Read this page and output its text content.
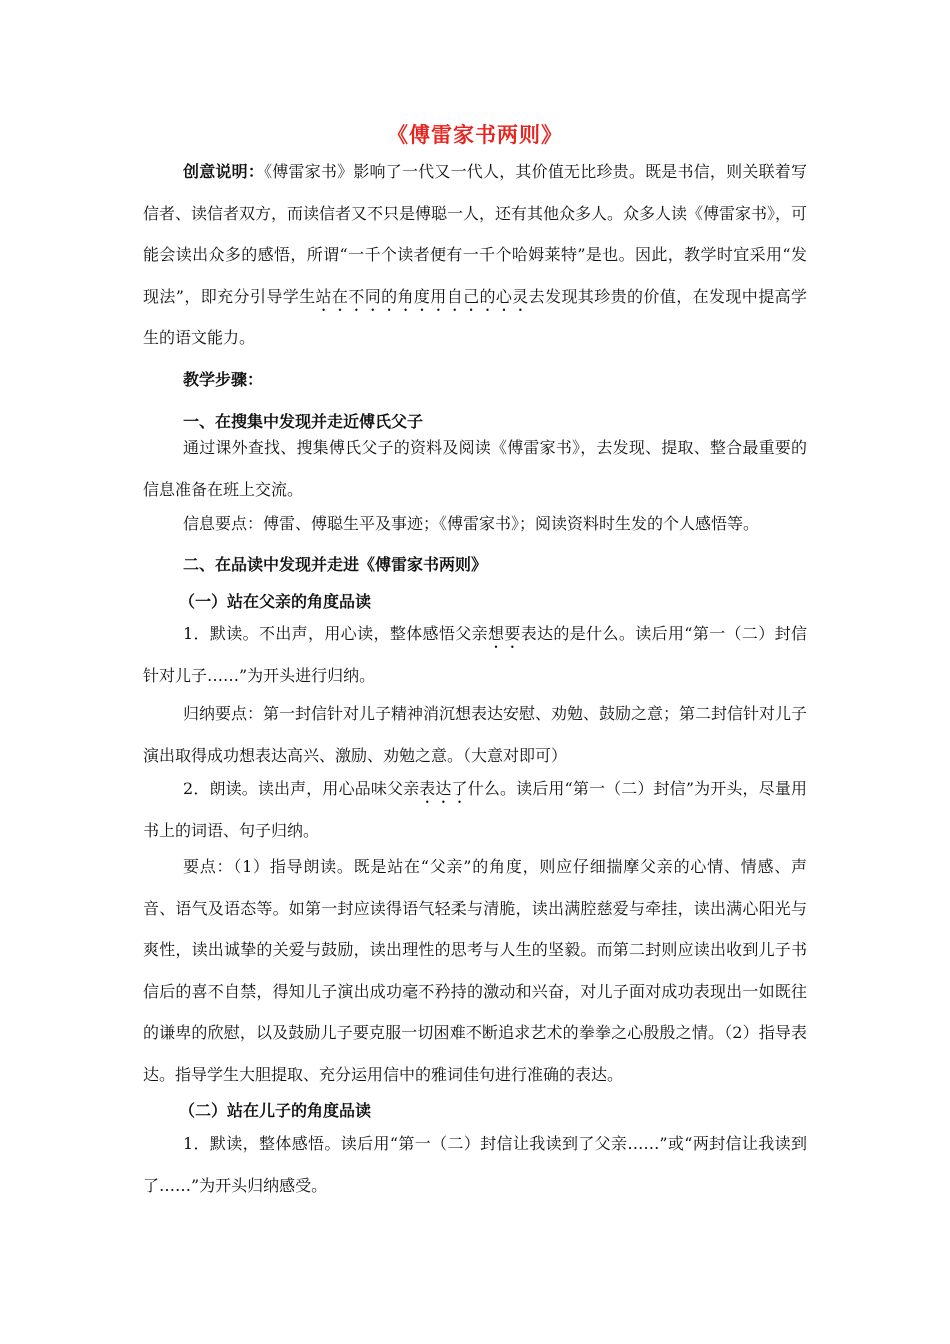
《傅雷家书两则》
创意说明：《傅雷家书》影响了一代又一代人，其价值无比珍贵。既是书信，则关联着写信者、读信者双方，而读信者又不只是傅聪一人，还有其他众多人。众多人读《傅雷家书》，可能会读出众多的感悟，所谓“一千个读者便有一千个哈姆莱特”是也。因此，教学时宜采用“发现法”，即充分引导学生站在不同的角度用自己的心灵去发现其珍贵的价值，在发现中提高学生的语文能力。
教学步骤：
一、在搜集中发现并走近傅氏父子
通过课外查找、搜集傅氏父子的资料及阅读《傅雷家书》，去发现、提取、整合最重要的信息准备在班上交流。
信息要点：傅雷、傅聪生平及事迹；《傅雷家书》；阅读资料时生发的个人感悟等。
二、在品读中发现并走进《傅雷家书两则》
（一）站在父亲的角度品读
1．默读。不出声，用心读，整体感悟父亲想要表达的是什么。读后用“第一（二）封信针对儿子……”为开头进行归纳。
归纳要点：第一封信针对儿子精神消沉想表达安慰、劝勉、鼓励之意；第二封信针对儿子演出取得成功想表达高兴、激励、劝勉之意。（大意对即可）
2．朗读。读出声，用心品味父亲表达了什么。读后用“第一（二）封信”为开头，尽量用书上的词语、句子归纳。
要点：（1）指导朗读。既是站在“父亲”的角度，则应仔细揣摩父亲的心情、情感、声音、语气及语态等。如第一封应读得语气轻柔与清脆，读出满腔慈爱与牵挂，读出满心阳光与爽性，读出诚挚的关爱与鼓励，读出理性的思考与人生的坚毅。而第二封则应读出收到儿子书信后的喜不自禁，得知儿子演出成功毫不矜持的激动和兴奋，对儿子面对成功表现出一如既往的谦卑的欣慰，以及鼓励儿子要克服一切困难不断追求艺术的拳拳之心殷殷之情。（2）指导表达。指导学生大胆提取、充分运用信中的雅词佳句进行准确的表达。
（二）站在儿子的角度品读
1．默读，整体感悟。读后用“第一（二）封信让我读到了父亲……”或“两封信让我读到了……”为开头归纳感受。
